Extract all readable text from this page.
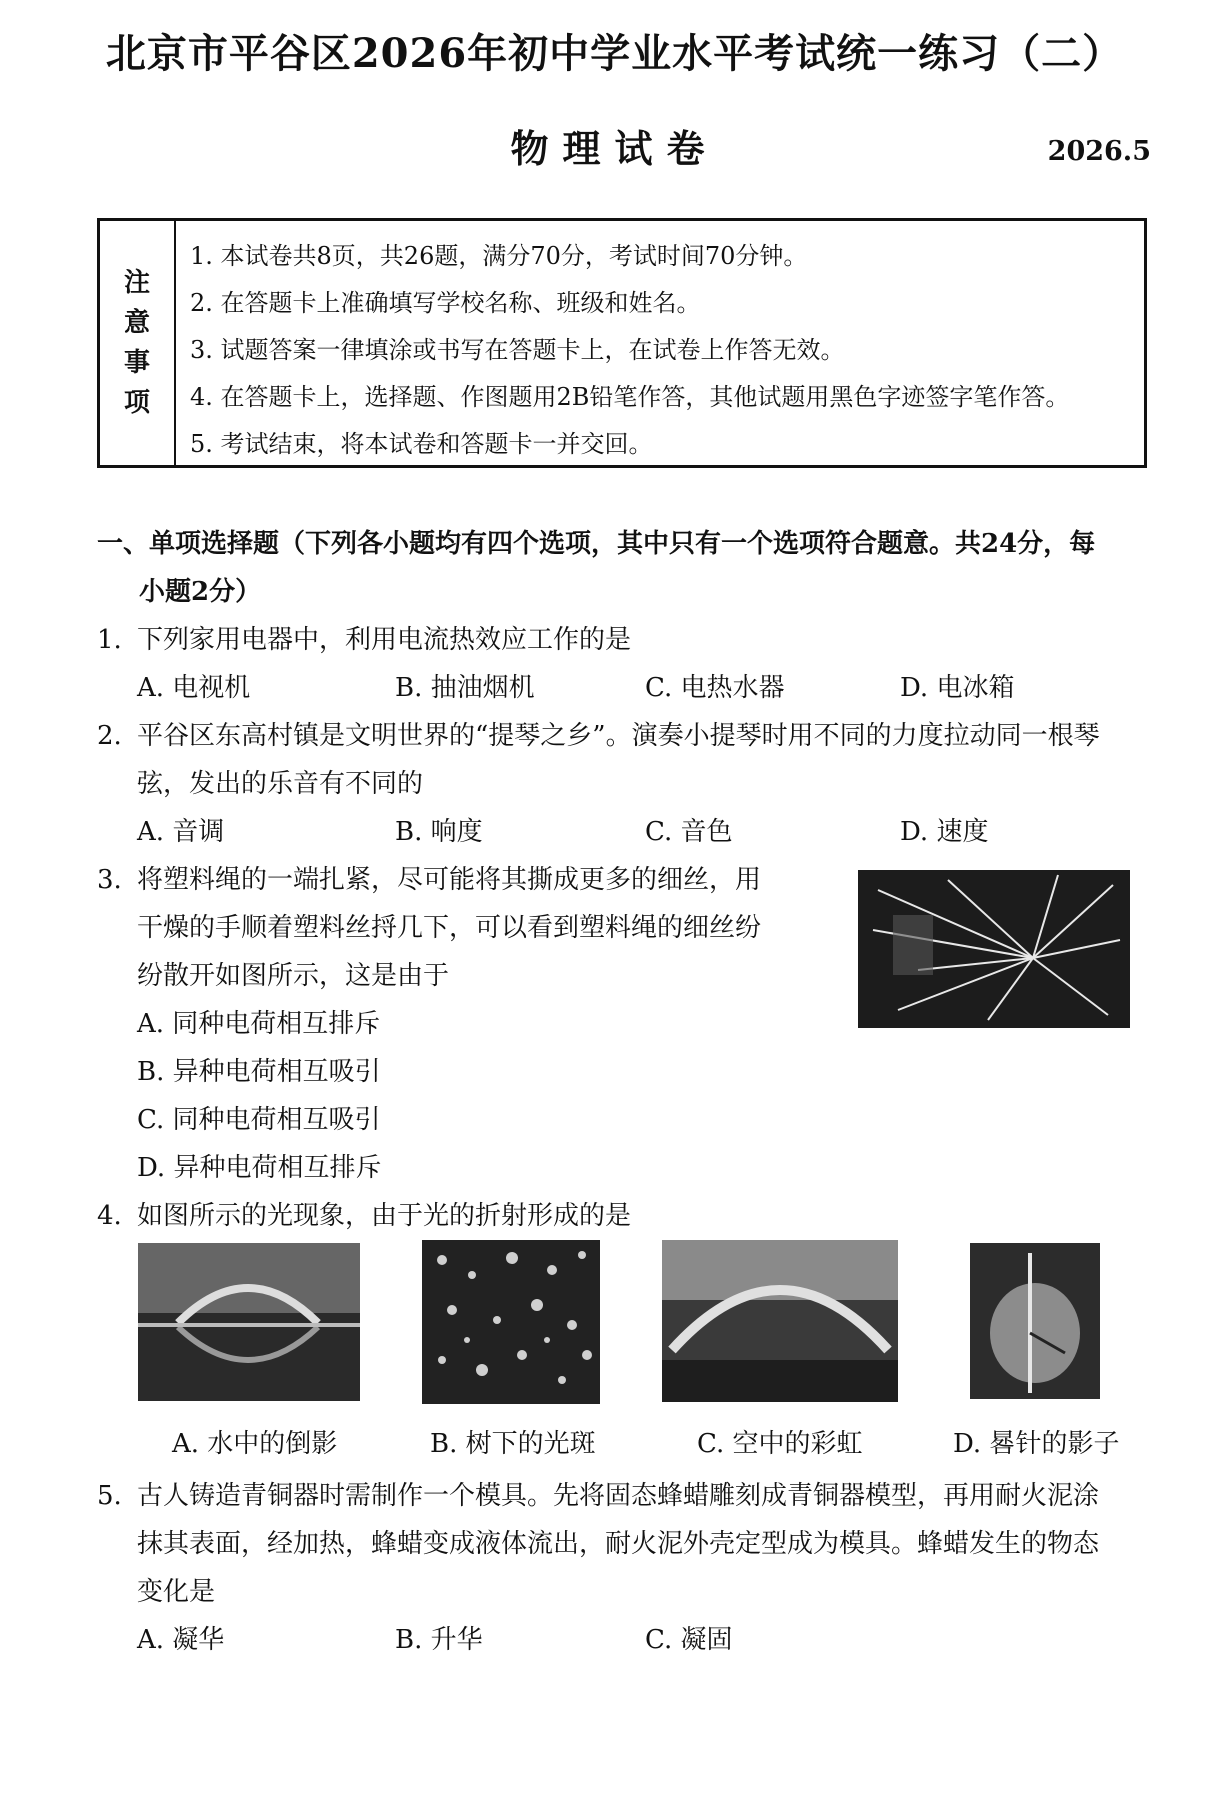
北京市平谷区2026年初中学业水平考试统一练习（二）
物理试卷	2026.5
注
意
事
项
1. 本试卷共8页，共26题，满分70分，考试时间70分钟。
2. 在答题卡上准确填写学校名称、班级和姓名。
3. 试题答案一律填涂或书写在答题卡上，在试卷上作答无效。
4. 在答题卡上，选择题、作图题用2B铅笔作答，其他试题用黑色字迹签字笔作答。
5. 考试结束，将本试卷和答题卡一并交回。
一、单项选择题（下列各小题均有四个选项，其中只有一个选项符合题意。共24分，每
小题2分）
1. 下列家用电器中，利用电流热效应工作的是
A. 电视机	B. 抽油烟机	C. 电热水器	D. 电冰箱
2. 平谷区东高村镇是文明世界的“提琴之乡”。演奏小提琴时用不同的力度拉动同一根琴
弦，发出的乐音有不同的
A. 音调	B. 响度	C. 音色	D. 速度
3. 将塑料绳的一端扎紧，尽可能将其撕成更多的细丝，用
干燥的手顺着塑料丝捋几下，可以看到塑料绳的细丝纷
纷散开如图所示，这是由于
A. 同种电荷相互排斥
B. 异种电荷相互吸引
C. 同种电荷相互吸引
D. 异种电荷相互排斥
4. 如图所示的光现象，由于光的折射形成的是
A. 水中的倒影	B. 树下的光斑	C. 空中的彩虹	D. 晷针的影子
5. 古人铸造青铜器时需制作一个模具。先将固态蜂蜡雕刻成青铜器模型，再用耐火泥涂
抹其表面，经加热，蜂蜡变成液体流出，耐火泥外壳定型成为模具。蜂蜡发生的物态
变化是
A. 凝华	B. 升华	C. 凝固
